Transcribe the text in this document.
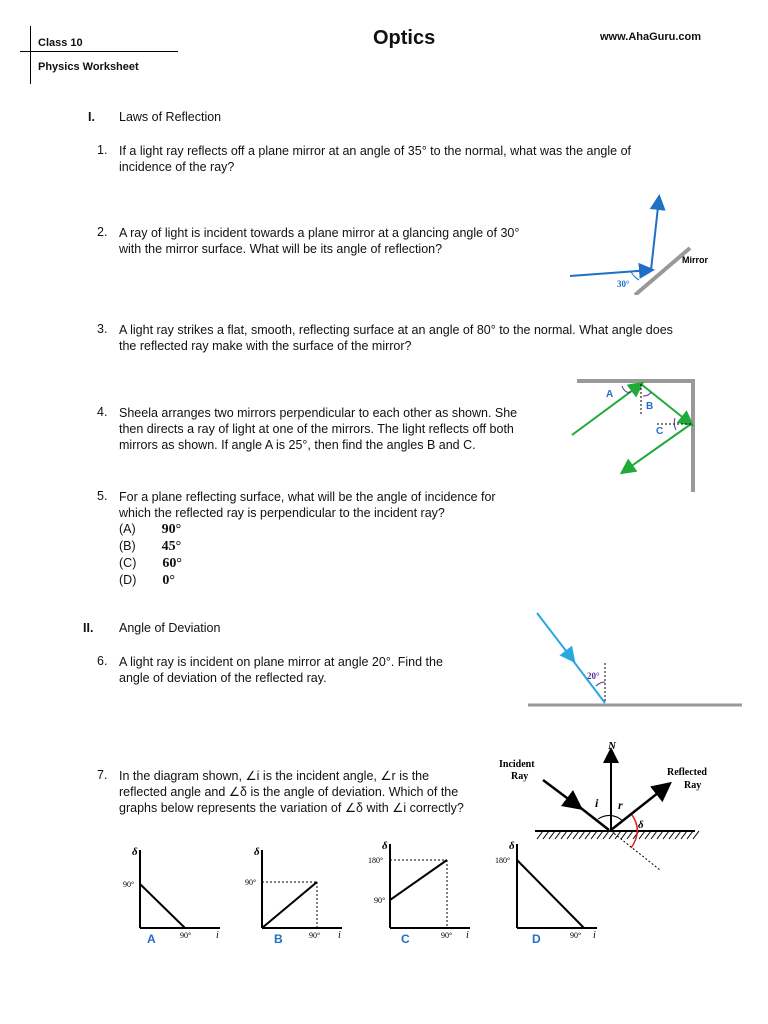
Class 10
Physics Worksheet
Optics	www.AhaGuru.com
I. Laws of Reflection
1. If a light ray reflects off a plane mirror at an angle of 35° to the normal, what was the angle of
incidence of the ray?
2. A ray of light is incident towards a plane mirror at a glancing angle of 30°
with the mirror surface. What will be its angle of reflection?
30°
Mirror
3. A light ray strikes a flat, smooth, reflecting surface at an angle of 80° to the normal. What angle does
the reflected ray make with the surface of the mirror?
4. Sheela arranges two mirrors perpendicular to each other as shown. She
then directs a ray of light at one of the mirrors. The light reflects off both
mirrors as shown. If angle A is 25°, then find the angles B and C.
A
B
C
5. For a plane reflecting surface, what will be the angle of incidence for
which the reflected ray is perpendicular to the incident ray?
(A) 90°
(B) 45°
(C) 60°
(D) 0°
II. Angle of Deviation
6. A light ray is incident on plane mirror at angle 20°. Find the
angle of deviation of the reflected ray.	20°
7. In the diagram shown, ∠i is the incident angle, ∠r is the
reflected angle and ∠δ is the angle of deviation. Which of the
graphs below represents the variation of ∠δ with ∠i correctly?
N
Incident
Ray	Reflected
Ray
i r
δ
δ
90°
90° i
A
δ
90°
90° i
B
δ
180°
90°
90° i
C
δ
180°
90° i
D
